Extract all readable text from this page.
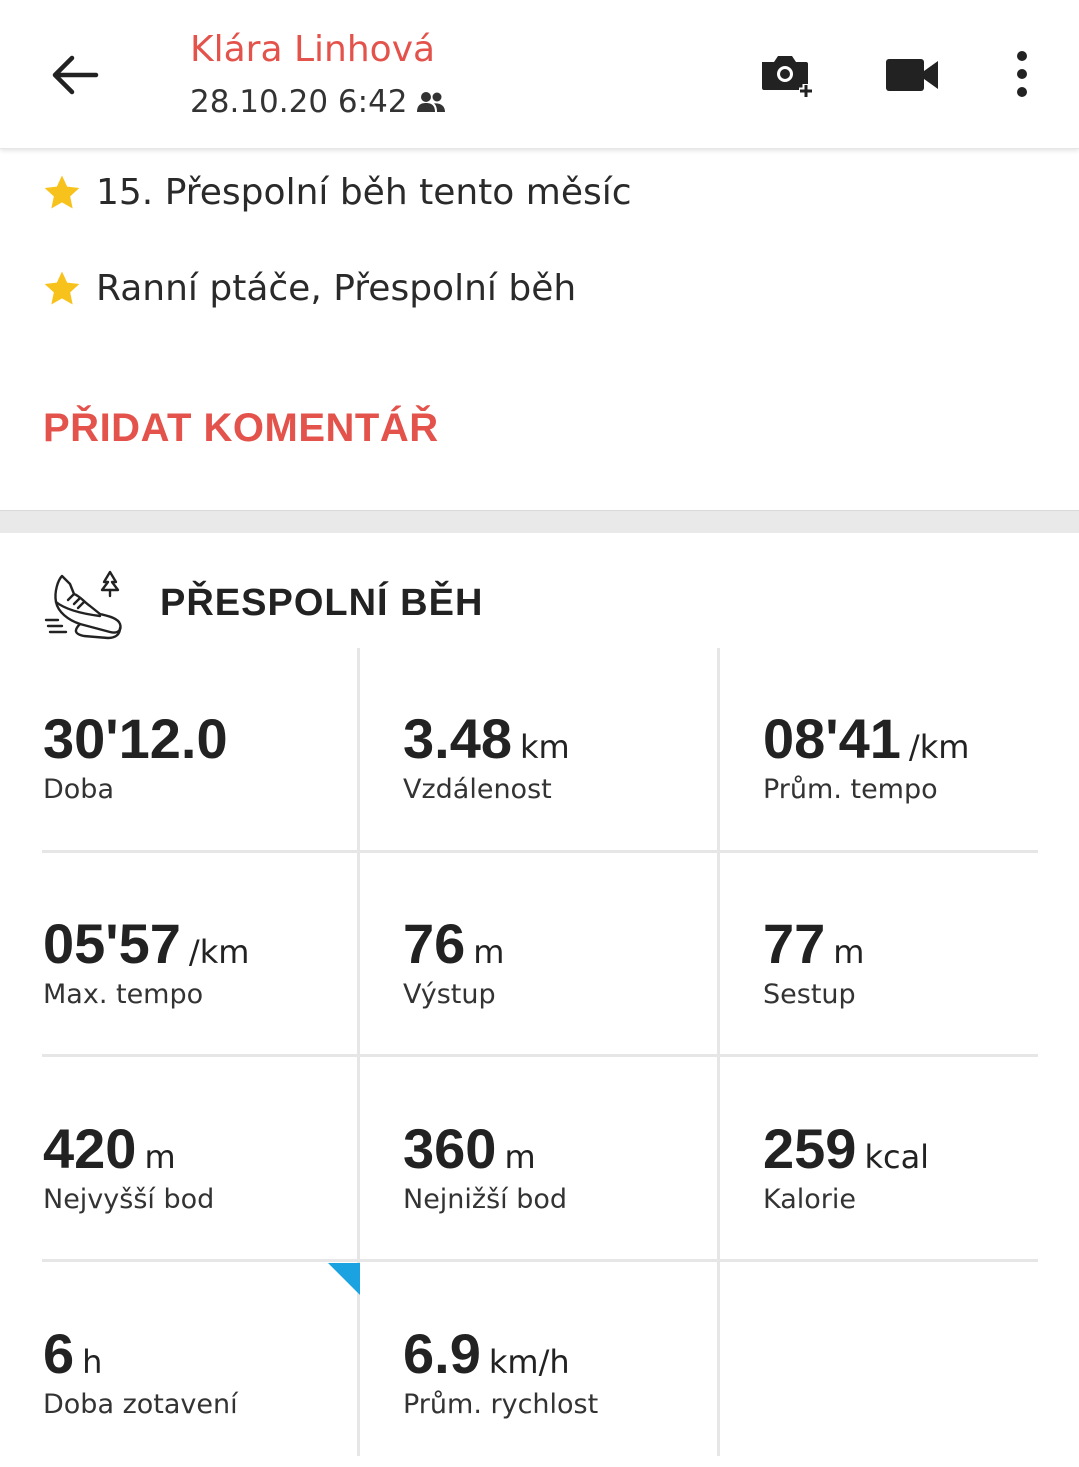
Klára Linhová
28.10.20 6:42
15. Přespolní běh tento měsíc
Ranní ptáče, Přespolní běh
PŘIDAT KOMENTÁŘ
PŘESPOLNÍ BĚH
30'12.0
Doba
3.48 km
Vzdálenost
08'41 /km
Prům. tempo
05'57 /km
Max. tempo
76 m
Výstup
77 m
Sestup
420 m
Nejvyšší bod
360 m
Nejnižší bod
259 kcal
Kalorie
6 h
Doba zotavení
6.9 km/h
Prům. rychlost
